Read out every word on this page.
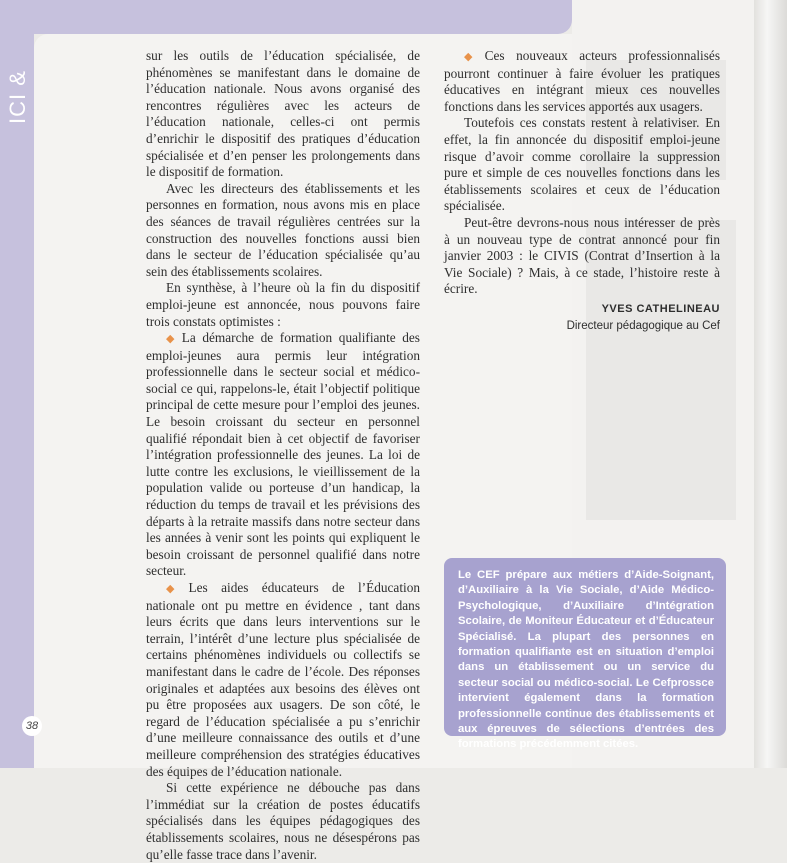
ICI &
38

sur les outils de l’éducation spécialisée, de phénomènes se manifestant dans le domaine de l’éducation nationale. Nous avons organisé des rencontres régulières avec les acteurs de l’éducation nationale, celles-ci ont permis d’enrichir le dispositif des pratiques d’éducation spécialisée et d’en penser les prolongements dans le dispositif de formation.

Avec les directeurs des établissements et les personnes en formation, nous avons mis en place des séances de travail régulières centrées sur la construction des nouvelles fonctions aussi bien dans le secteur de l’éducation spécialisée qu’au sein des établissements scolaires.

En synthèse, à l’heure où la fin du dispositif emploi-jeune est annoncée, nous pouvons faire trois constats optimistes :

◆ La démarche de formation qualifiante des emploi-jeunes aura permis leur intégration professionnelle dans le secteur social et médico-social ce qui, rappelons-le, était l’objectif politique principal de cette mesure pour l’emploi des jeunes. Le besoin croissant du secteur en personnel qualifié répondait bien à cet objectif de favoriser l’intégration professionnelle des jeunes. La loi de lutte contre les exclusions, le vieillissement de la population valide ou porteuse d’un handicap, la réduction du temps de travail et les prévisions des départs à la retraite massifs dans notre secteur dans les années à venir sont les points qui expliquent le besoin croissant de personnel qualifié dans notre secteur.

◆ Les aides éducateurs de l’Éducation nationale ont pu mettre en évidence , tant dans leurs écrits que dans leurs interventions sur le terrain, l’intérêt d’une lecture plus spécialisée de certains phénomènes individuels ou collectifs se manifestant dans le cadre de l’école. Des réponses originales et adaptées aux besoins des élèves ont pu être proposées aux usagers. De son côté, le regard de l’éducation spécialisée a pu s’enrichir d’une meilleure connaissance des outils et d’une meilleure compréhension des stratégies éducatives des équipes de l’éducation nationale.

Si cette expérience ne débouche pas dans l’immédiat sur la création de postes éducatifs spécialisés dans les équipes pédagogiques des établissements scolaires, nous ne désespérons pas qu’elle fasse trace dans l’avenir.

◆ Ces nouveaux acteurs professionnalisés pourront continuer à faire évoluer les pratiques éducatives en intégrant mieux ces nouvelles fonctions dans les services apportés aux usagers.

Toutefois ces constats restent à relativiser. En effet, la fin annoncée du dispositif emploi-jeune risque d’avoir comme corollaire la suppression pure et simple de ces nouvelles fonctions dans les établissements scolaires et ceux de l’éducation spécialisée.

Peut-être devrons-nous nous intéresser de près à un nouveau type de contrat annoncé pour fin janvier 2003 : le CIVIS (Contrat d’Insertion à la Vie Sociale) ? Mais, à ce stade, l’histoire reste à écrire.

YVES CATHELINEAU
Directeur pédagogique au Cef
Le CEF prépare aux métiers d’Aide-Soignant, d’Auxiliaire à la Vie Sociale, d’Aide Médico-Psychologique, d’Auxiliaire d’Intégration Scolaire, de Moniteur Éducateur et d’Éducateur Spécialisé. La plupart des personnes en formation qualifiante est en situation d’emploi dans un établissement ou un service du secteur social ou médico-social. Le Cefprossce intervient également dans la formation professionnelle continue des établissements et aux épreuves de sélections d’entrées des formations précédemment citées.
